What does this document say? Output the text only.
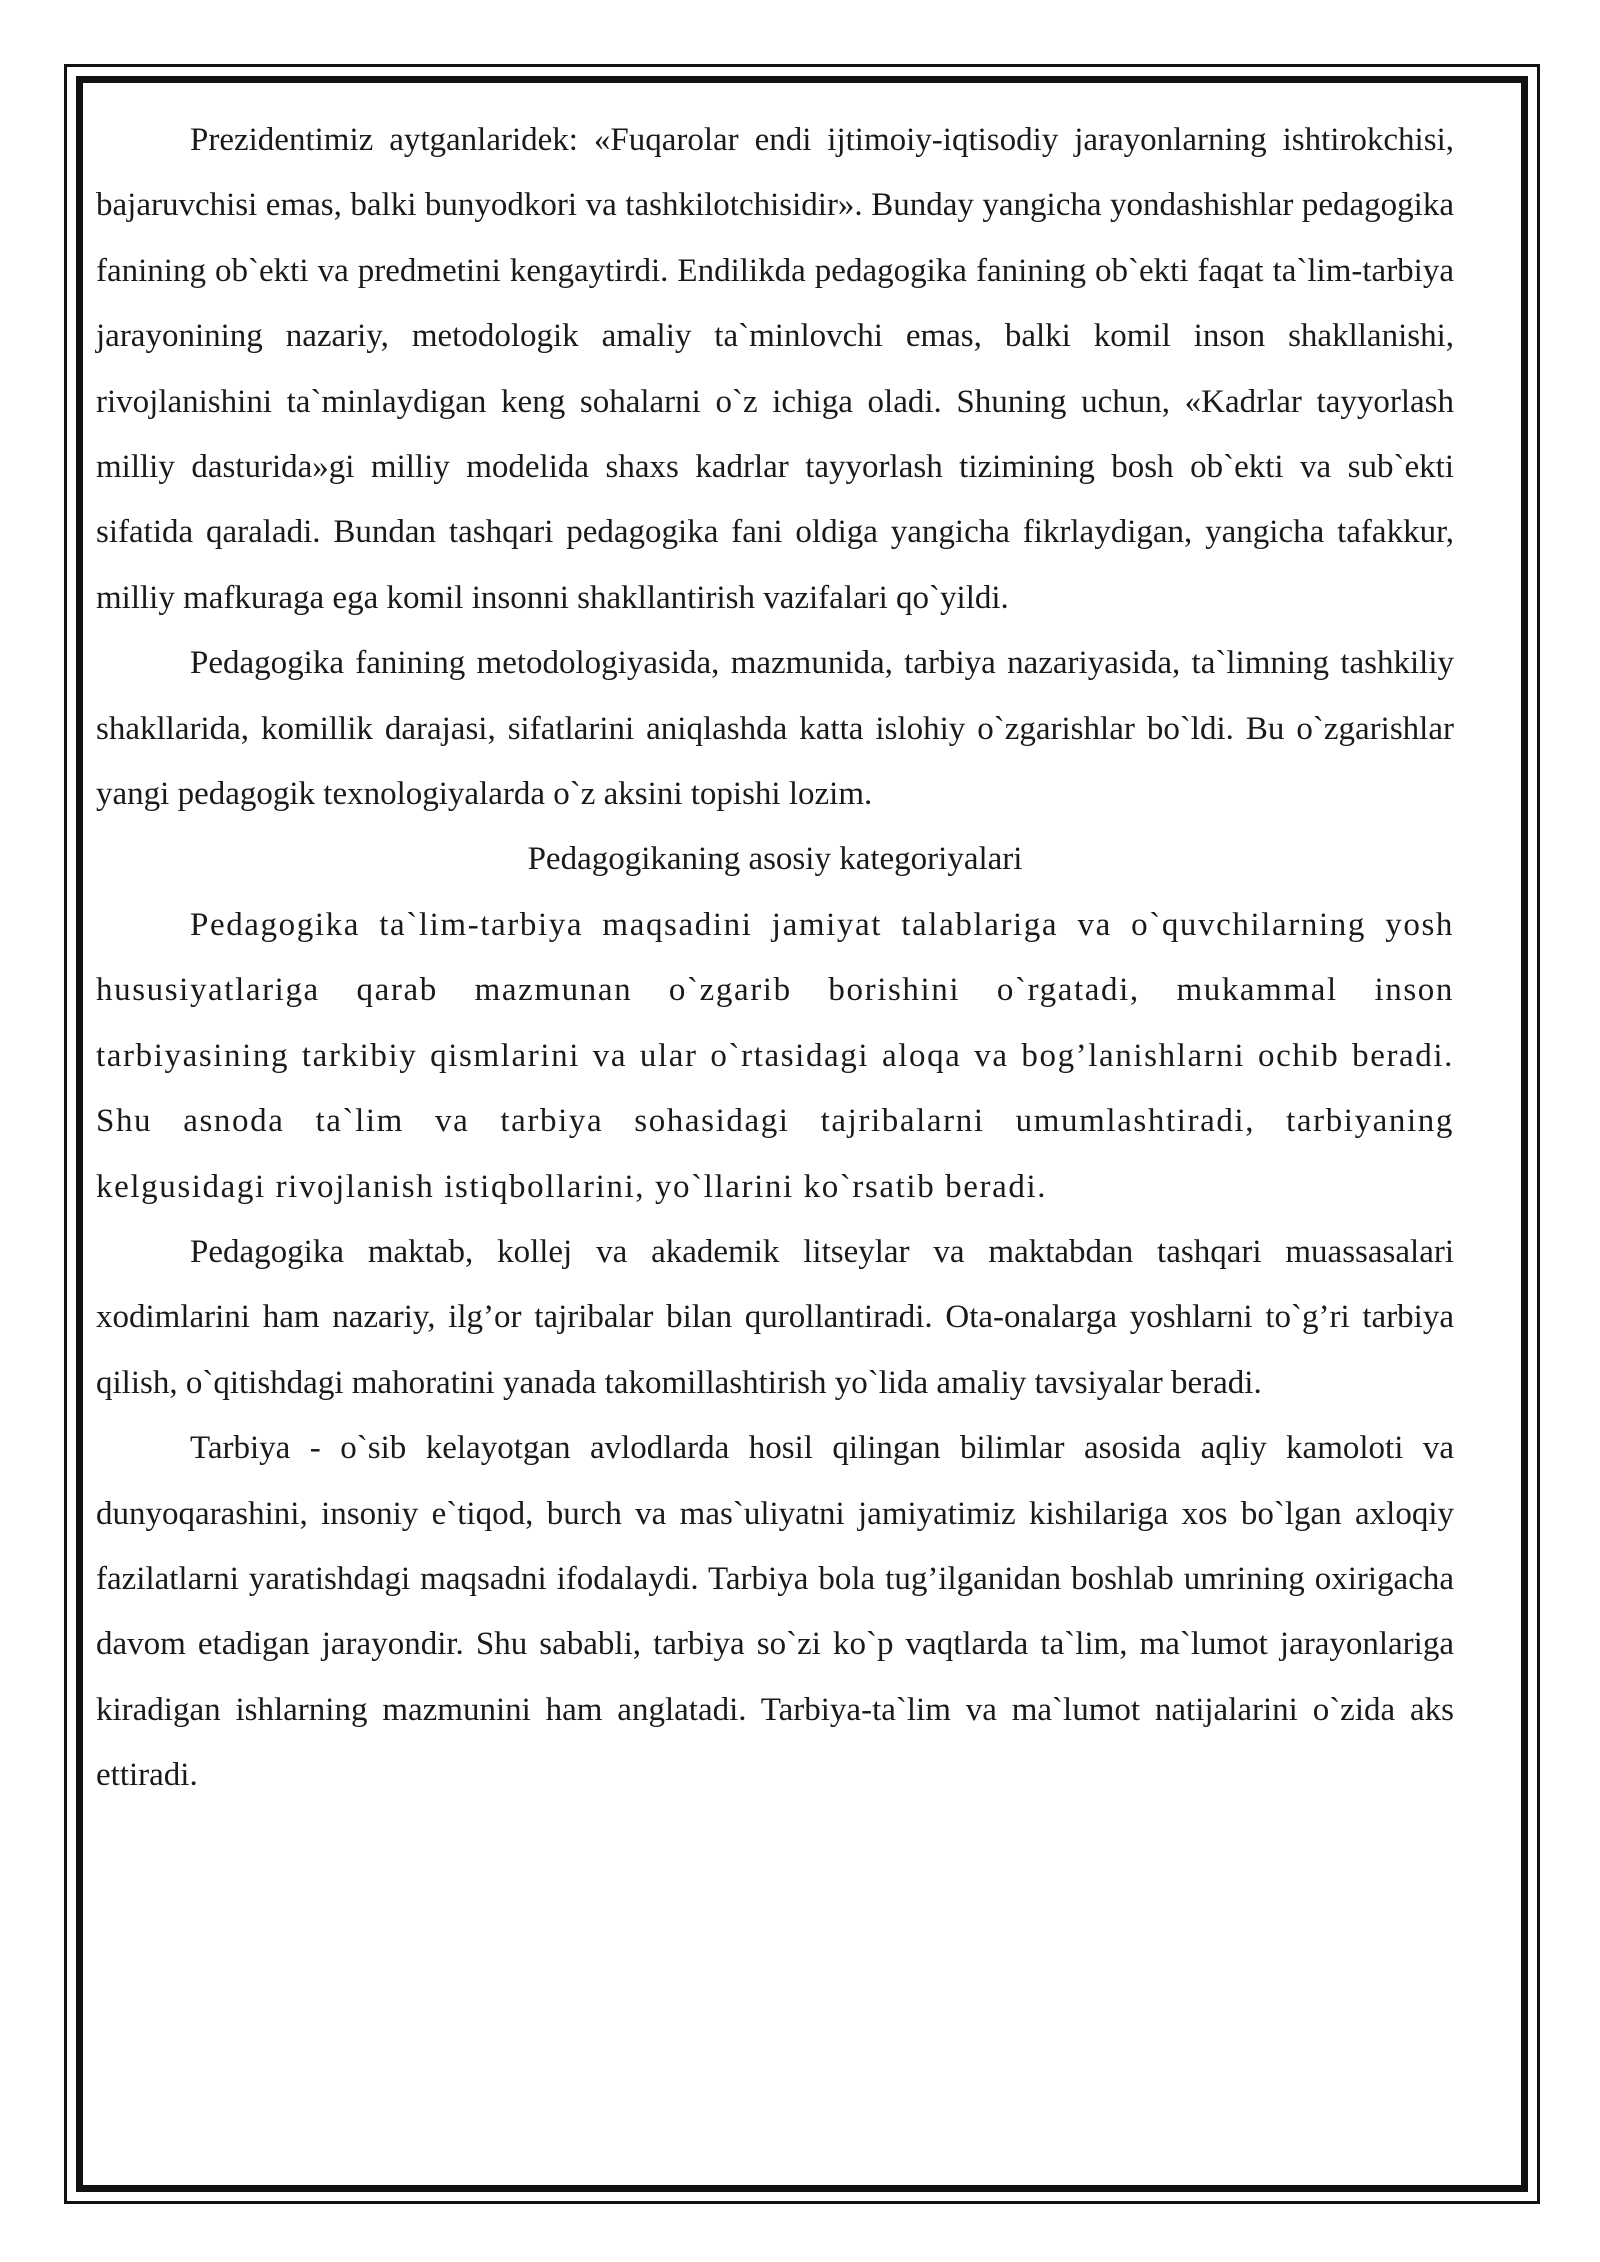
Prezidentimiz aytganlaridek: «Fuqarolar endi ijtimoiy-iqtisodiy jarayonlarning ishtirokchisi, bajaruvchisi emas, balki bunyodkori va tashkilotchisidir». Bunday yangicha yondashishlar pedagogika fanining ob`ekti va predmetini kengaytirdi. Endilikda pedagogika fanining ob`ekti faqat ta`lim-tarbiya jarayonining nazariy, metodologik amaliy ta`minlovchi emas, balki komil inson shakllanishi, rivojlanishini ta`minlaydigan keng sohalarni o`z ichiga oladi. Shuning uchun, «Kadrlar tayyorlash milliy dasturida»gi milliy modelida shaxs kadrlar tayyorlash tizimining bosh ob`ekti va sub`ekti sifatida qaraladi. Bundan tashqari pedagogika fani oldiga yangicha fikrlaydigan, yangicha tafakkur, milliy mafkuraga ega komil insonni shakllantirish vazifalari qo`yildi.

Pedagogika fanining metodologiyasida, mazmunida, tarbiya nazariyasida, ta`limning tashkiliy shakllarida, komillik darajasi, sifatlarini aniqlashda katta islohiy o`zgarishlar bo`ldi. Bu o`zgarishlar yangi pedagogik texnologiyalarda o`z aksini topishi lozim.

Pedagogikaning asosiy kategoriyalari

Pedagogika ta`lim-tarbiya maqsadini jamiyat talablariga va o`quvchilarning yosh hususiyatlariga qarab mazmunan o`zgarib borishini o`rgatadi, mukammal inson tarbiyasining tarkibiy qismlarini va ular o`rtasidagi aloqa va bog’lanishlarni ochib beradi. Shu asnoda ta`lim va tarbiya sohasidagi tajribalarni umumlashtiradi, tarbiyaning kelgusidagi rivojlanish istiqbollarini, yo`llarini ko`rsatib beradi.

Pedagogika maktab, kollej va akademik litseylar va maktabdan tashqari muassasalari xodimlarini ham nazariy, ilg’or tajribalar bilan qurollantiradi. Ota-onalarga yoshlarni to`g’ri tarbiya qilish, o`qitishdagi mahoratini yanada takomillashtirish yo`lida amaliy tavsiyalar beradi.

Tarbiya - o`sib kelayotgan avlodlarda hosil qilingan bilimlar asosida aqliy kamoloti va dunyoqarashini, insoniy e`tiqod, burch va mas`uliyatni jamiyatimiz kishilariga xos bo`lgan axloqiy fazilatlarni yaratishdagi maqsadni ifodalaydi. Tarbiya bola tug’ilganidan boshlab umrining oxirigacha davom etadigan jarayondir. Shu sababli, tarbiya so`zi ko`p vaqtlarda ta`lim, ma`lumot jarayonlariga kiradigan ishlarning mazmunini ham anglatadi. Tarbiya-ta`lim va ma`lumot natijalarini o`zida aks ettiradi.
